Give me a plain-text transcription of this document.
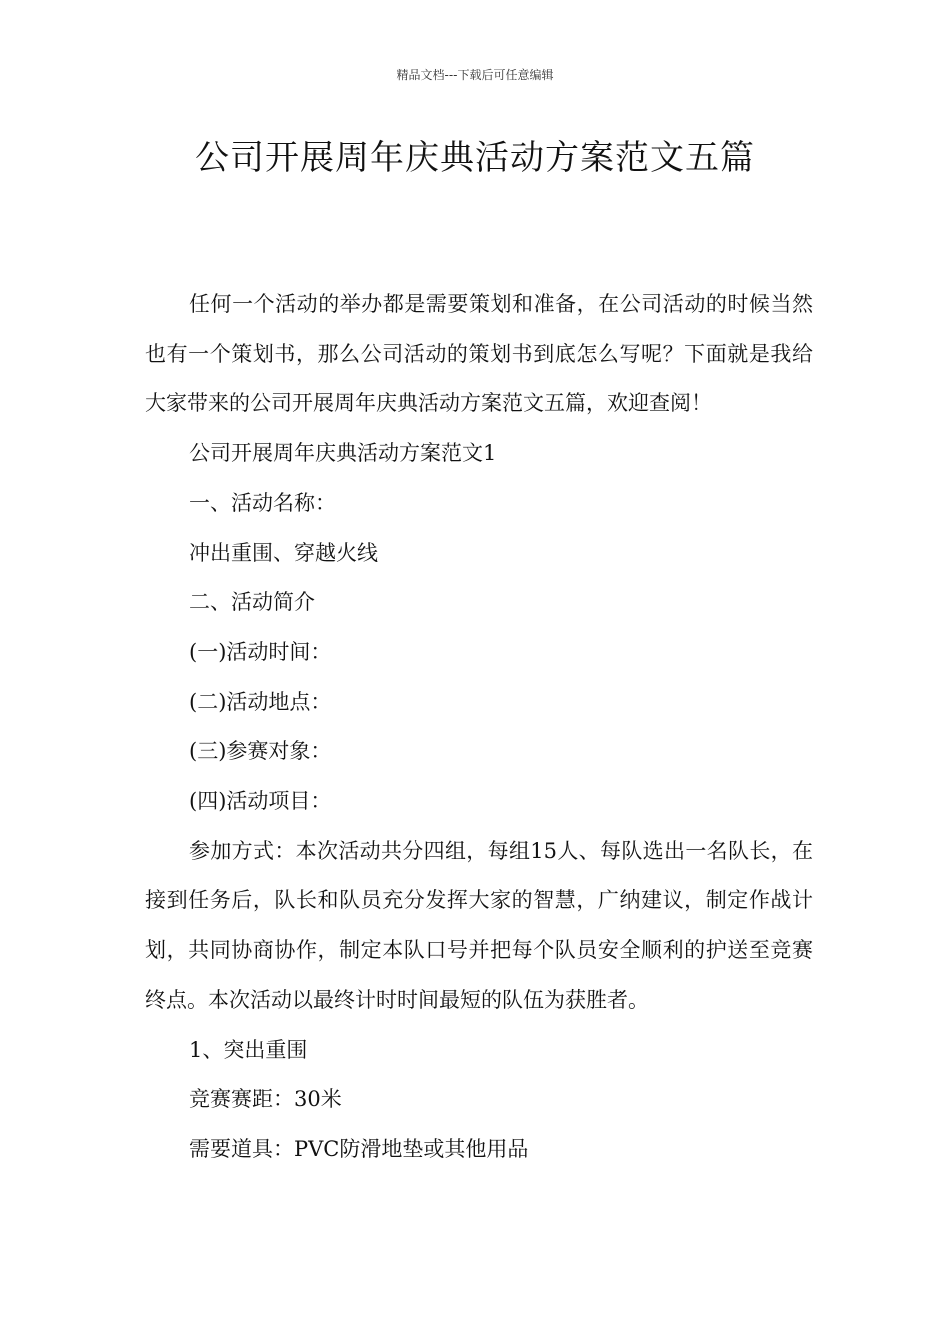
精品文档---下载后可任意编辑
公司开展周年庆典活动方案范文五篇

任何一个活动的举办都是需要策划和准备，在公司活动的时候当然也有一个策划书，那么公司活动的策划书到底怎么写呢？下面就是我给大家带来的公司开展周年庆典活动方案范文五篇，欢迎查阅！

公司开展周年庆典活动方案范文1

一、活动名称：

冲出重围、穿越火线

二、活动简介

(一)活动时间：

(二)活动地点：

(三)参赛对象：

(四)活动项目：

参加方式：本次活动共分四组，每组15人、每队选出一名队长，在接到任务后，队长和队员充分发挥大家的智慧，广纳建议，制定作战计划，共同协商协作，制定本队口号并把每个队员安全顺利的护送至竞赛终点。本次活动以最终计时时间最短的队伍为获胜者。

1、突出重围

竞赛赛距：30米

需要道具：PVC防滑地垫或其他用品
